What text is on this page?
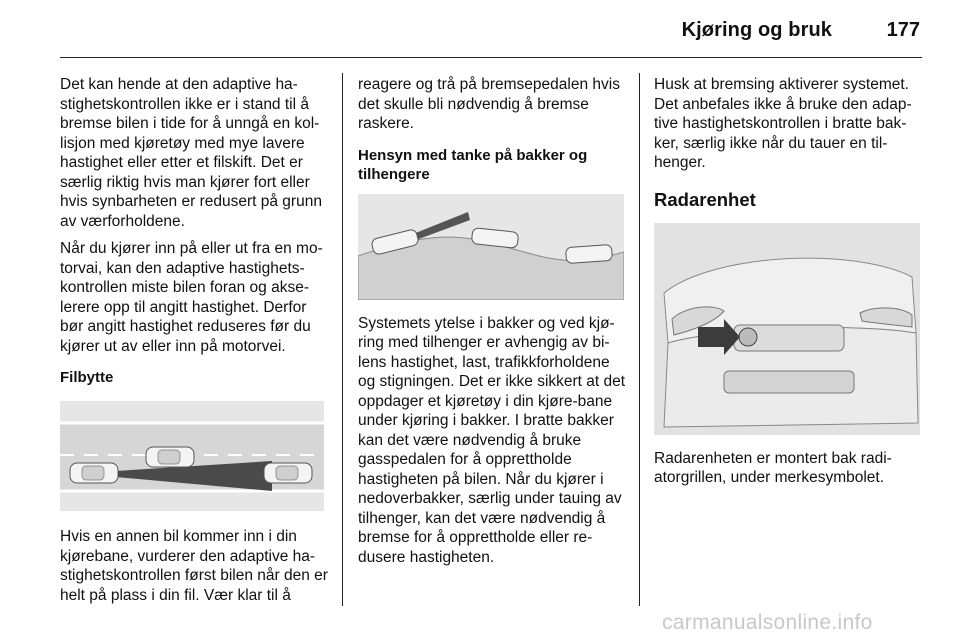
Kjøring og bruk	177

Det kan hende at den adaptive ha-stighetskontrollen ikke er i stand til å bremse bilen i tide for å unngå en kol-lisjon med kjøretøy med mye lavere hastighet eller etter et filskift. Det er særlig riktig hvis man kjører fort eller hvis synbarheten er redusert på grunn av værforholdene.

Når du kjører inn på eller ut fra en mo-torvai, kan den adaptive hastighets-kontrollen miste bilen foran og akse-lerere opp til angitt hastighet. Derfor bør angitt hastighet reduseres før du kjører ut av eller inn på motorvei.

Filbytte

Hvis en annen bil kommer inn i din kjørebane, vurderer den adaptive ha-stighetskontrollen først bilen når den er helt på plass i din fil. Vær klar til å

reagere og trå på bremsepedalen hvis det skulle bli nødvendig å bremse raskere.

Hensyn med tanke på bakker og tilhengere

Systemets ytelse i bakker og ved kjø-ring med tilhenger er avhengig av bi-lens hastighet, last, trafikkforholdene og stigningen. Det er ikke sikkert at det oppdager et kjøretøy i din kjøre-bane under kjøring i bakker. I bratte bakker kan det være nødvendig å bruke gasspedalen for å opprettholde hastigheten på bilen. Når du kjører i nedoverbakker, særlig under tauing av tilhenger, kan det være nødvendig å bremse for å opprettholde eller re-dusere hastigheten.

Husk at bremsing aktiverer systemet. Det anbefales ikke å bruke den adap-tive hastighetskontrollen i bratte bak-ker, særlig ikke når du tauer en til-henger.

Radarenhet

Radarenheten er montert bak radi-atorgrillen, under merkesymbolet.

carmanualsonline.info
